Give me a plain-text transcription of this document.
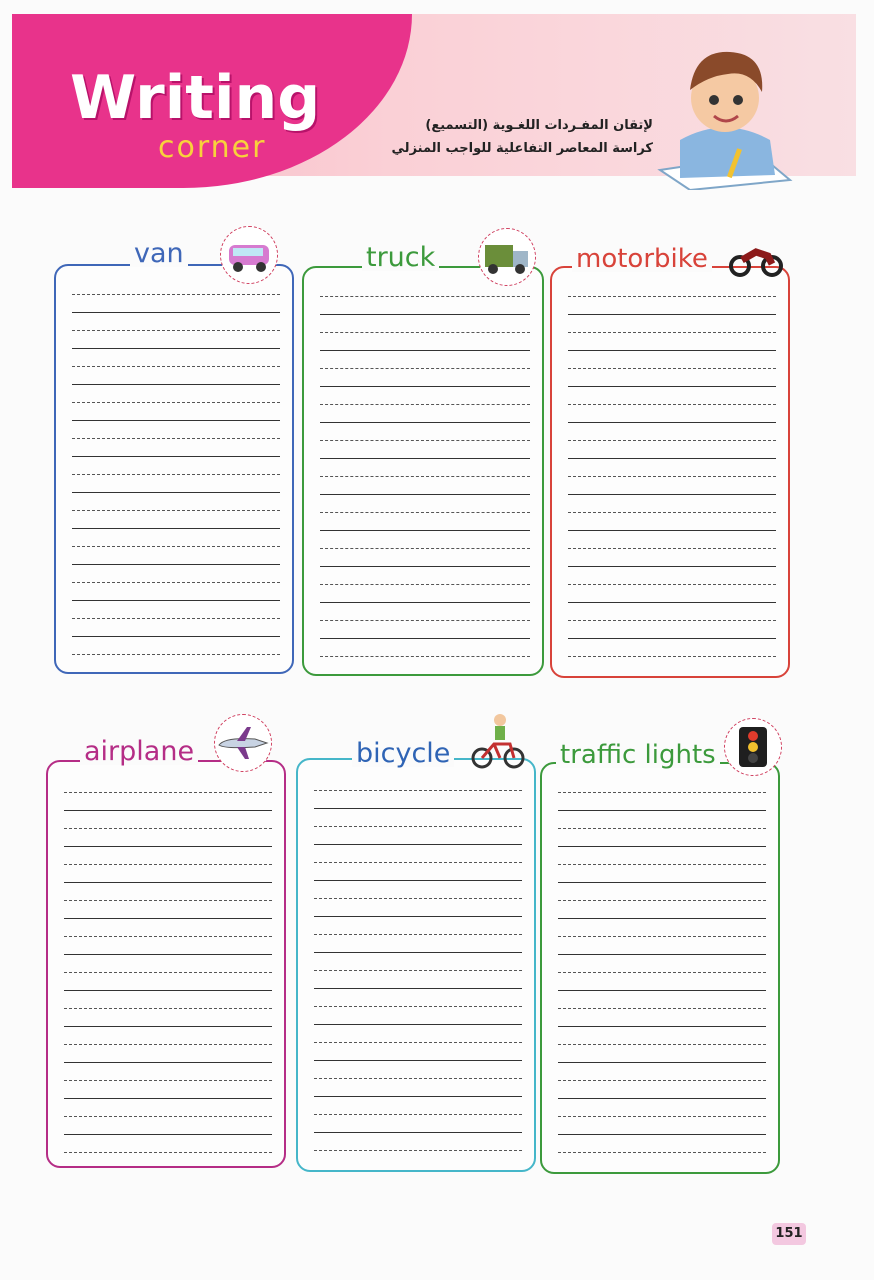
Writing
corner
لإتقان المفـردات اللغـوية (التسميع)
كراسة المعاصر التفاعلية للواجب المنزلي
van	truck	motorbike
airplane	bicycle	traffic lights
151
